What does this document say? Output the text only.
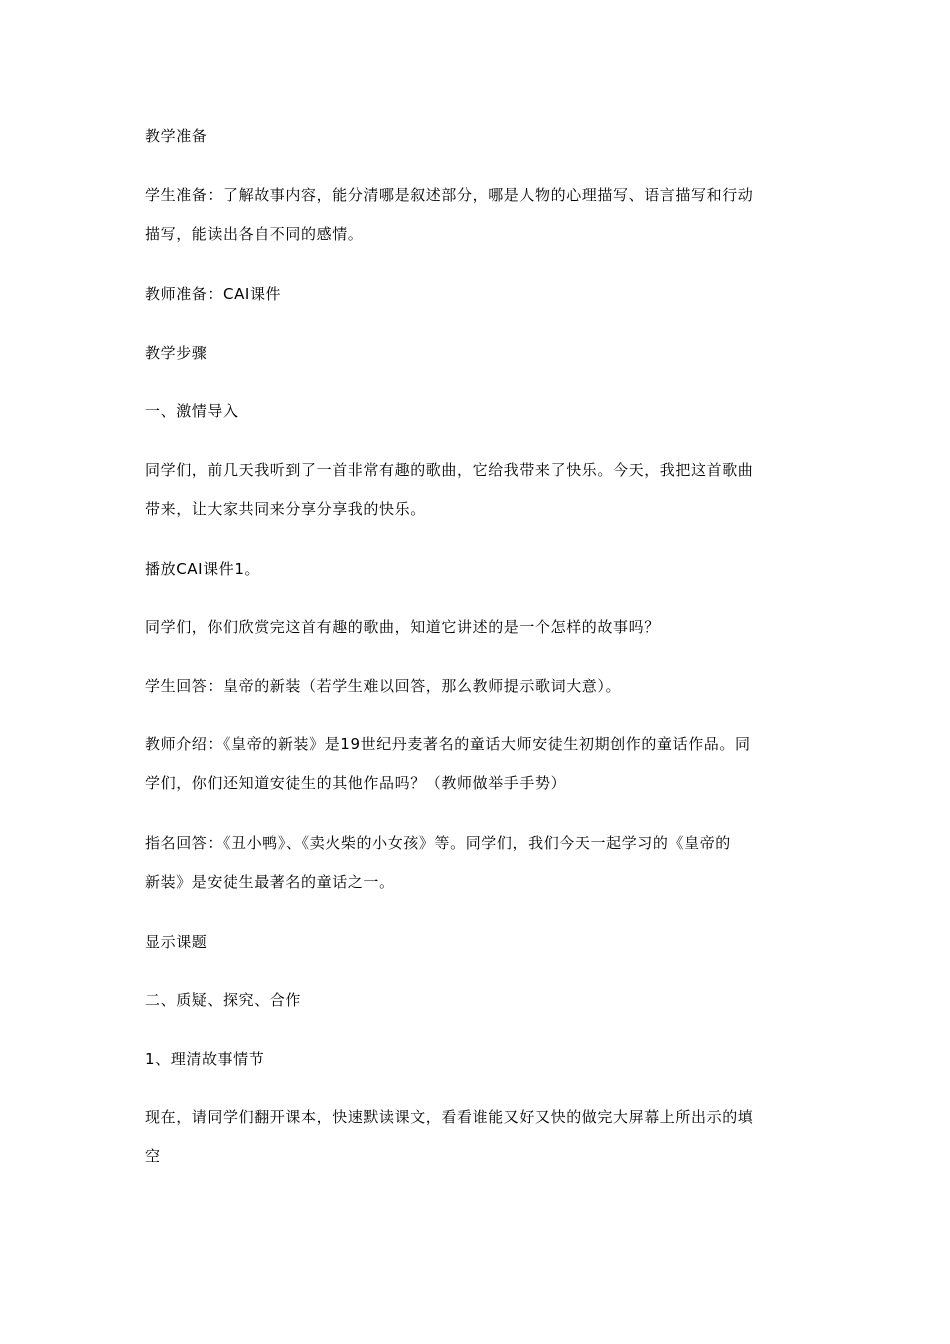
教学准备

学生准备：了解故事内容，能分清哪是叙述部分，哪是人物的心理描写、语言描写和行动
描写，能读出各自不同的感情。

教师准备：CAI课件

教学步骤

一、激情导入

同学们，前几天我听到了一首非常有趣的歌曲，它给我带来了快乐。今天，我把这首歌曲
带来，让大家共同来分享分享我的快乐。

播放CAI课件1。

同学们，你们欣赏完这首有趣的歌曲，知道它讲述的是一个怎样的故事吗？

学生回答：皇帝的新装（若学生难以回答，那么教师提示歌词大意）。

教师介绍：《皇帝的新装》是19世纪丹麦著名的童话大师安徒生初期创作的童话作品。同
学们，你们还知道安徒生的其他作品吗？（教师做举手手势）

指名回答：《丑小鸭》、《卖火柴的小女孩》等。同学们，我们今天一起学习的《皇帝的
新装》是安徒生最著名的童话之一。

显示课题

二、质疑、探究、合作

1、理清故事情节

现在，请同学们翻开课本，快速默读课文，看看谁能又好又快的做完大屏幕上所出示的填
空
